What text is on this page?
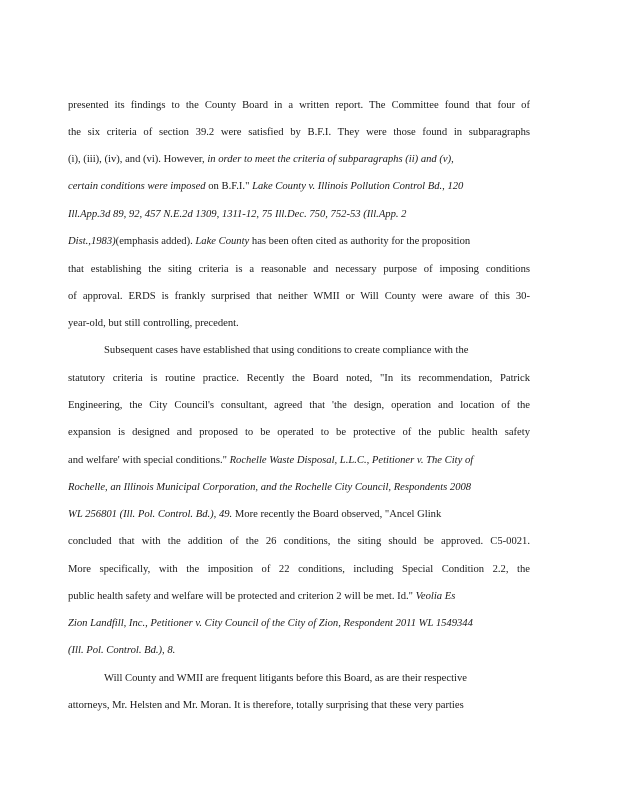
presented its findings to the County Board in a written report. The Committee found that four of
the six criteria of section 39.2 were satisfied by B.F.I. They were those found in subparagraphs
(i), (iii), (iv), and (vi). However, in order to meet the criteria of subparagraphs (ii) and (v),
certain conditions were imposed on B.F.I." Lake County v. Illinois Pollution Control Bd., 120
Ill.App.3d 89, 92, 457 N.E.2d 1309, 1311-12, 75 Ill.Dec. 750, 752-53 (Ill.App. 2
Dist.,1983)(emphasis added). Lake County has been often cited as authority for the proposition
that establishing the siting criteria is a reasonable and necessary purpose of imposing conditions
of approval. ERDS is frankly surprised that neither WMII or Will County were aware of this 30-
year-old, but still controlling, precedent.
Subsequent cases have established that using conditions to create compliance with the
statutory criteria is routine practice. Recently the Board noted, "In its recommendation, Patrick
Engineering, the City Council's consultant, agreed that 'the design, operation and location of the
expansion is designed and proposed to be operated to be protective of the public health safety
and welfare' with special conditions." Rochelle Waste Disposal, L.L.C., Petitioner v. The City of
Rochelle, an Illinois Municipal Corporation, and the Rochelle City Council, Respondents 2008
WL 256801 (Ill. Pol. Control. Bd.), 49. More recently the Board observed, "Ancel Glink
concluded that with the addition of the 26 conditions, the siting should be approved. C5-0021.
More specifically, with the imposition of 22 conditions, including Special Condition 2.2, the
public health safety and welfare will be protected and criterion 2 will be met. Id." Veolia Es
Zion Landfill, Inc., Petitioner v. City Council of the City of Zion, Respondent 2011 WL 1549344
(Ill. Pol. Control. Bd.), 8.
Will County and WMII are frequent litigants before this Board, as are their respective
attorneys, Mr. Helsten and Mr. Moran. It is therefore, totally surprising that these very parties
